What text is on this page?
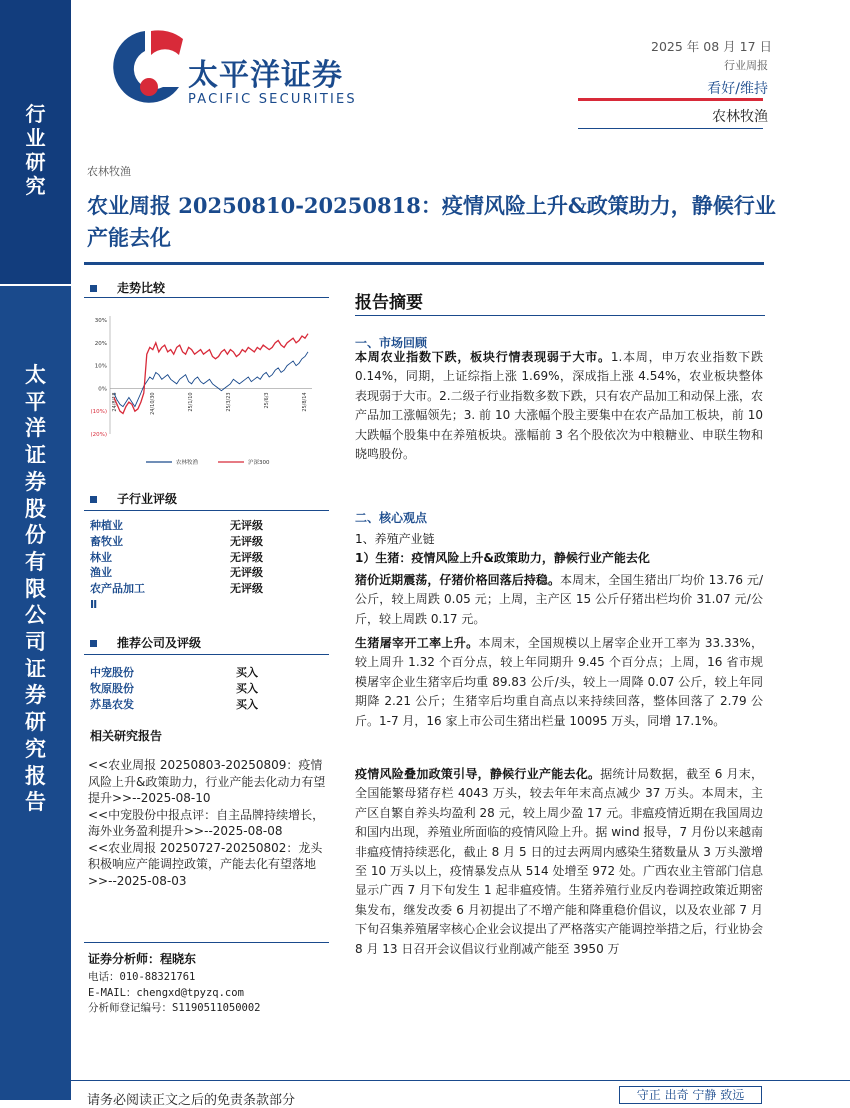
行
业
研
究
太
平
洋
证
券
股
份
有
限
公
司
证
券
研
究
报
告
太平洋证券
PACIFIC SECURITIES
2025 年 08 月 17 日
行业周报
看好/维持
农林牧渔
农林牧渔
农业周报 20250810-20250818：疫情风险上升&政策助力，静候行业产能去化
走势比较
30%
20%
10%
0%
(10%)
(20%)
24/8/18	24/10/30	25/1/10	25/3/23	25/6/3	25/8/14
农林牧渔	沪深300
子行业评级
种植业	无评级
畜牧业	无评级
林业	无评级
渔业	无评级
农产品加工	无评级
Ⅱ
推荐公司及评级
中宠股份	买入
牧原股份	买入
苏垦农发	买入
相关研究报告
<<农业周报 20250803-20250809：疫情风险上升&政策助力，行业产能去化动力有望提升>>--2025-08-10
<<中宠股份中报点评：自主品牌持续增长，海外业务盈利提升>>--2025-08-08
<<农业周报 20250727-20250802：龙头积极响应产能调控政策，产能去化有望落地>>--2025-08-03
证券分析师：程晓东
电话：010-88321761
E-MAIL：chengxd@tpyzq.com
分析师登记编号：S1190511050002
报告摘要
一、市场回顾
本周农业指数下跌，板块行情表现弱于大市。1.本周，申万农业指数下跌 0.14%，同期，上证综指上涨 1.69%，深成指上涨 4.54%，农业板块整体表现弱于大市。2.二级子行业指数多数下跌，只有农产品加工和动保上涨，农产品加工涨幅领先；3. 前 10 大涨幅个股主要集中在农产品加工板块，前 10 大跌幅个股集中在养殖板块。涨幅前 3 名个股依次为中粮糖业、申联生物和晓鸣股份。
二、核心观点
1、养殖产业链
1）生猪：疫情风险上升&政策助力，静候行业产能去化
猪价近期震荡，仔猪价格回落后持稳。本周末，全国生猪出厂均价 13.76 元/公斤，较上周跌 0.05 元；上周，主产区 15 公斤仔猪出栏均价 31.07 元/公斤，较上周跌 0.17 元。
生猪屠宰开工率上升。本周末，全国规模以上屠宰企业开工率为 33.33%，较上周升 1.32 个百分点，较上年同期升 9.45 个百分点；上周，16 省市规模屠宰企业生猪宰后均重 89.83 公斤/头，较上一周降 0.07 公斤，较上年同期降 2.21 公斤；生猪宰后均重自高点以来持续回落，整体回落了 2.79 公斤。1-7 月，16 家上市公司生猪出栏量 10095 万头，同增 17.1%。
疫情风险叠加政策引导，静候行业产能去化。据统计局数据，截至 6 月末，全国能繁母猪存栏 4043 万头，较去年年末高点减少 37 万头。本周末，主产区自繁自养头均盈利 28 元，较上周少盈 17 元。非瘟疫情近期在我国周边和国内出现，养殖业所面临的疫情风险上升。据 wind 报导，7 月份以来越南非瘟疫情持续恶化，截止 8 月 5 日的过去两周内感染生猪数量从 3 万头激增至 10 万头以上，疫情暴发点从 514 处增至 972 处。广西农业主管部门信息显示广西 7 月下旬发生 1 起非瘟疫情。生猪养殖行业反内卷调控政策近期密集发布，继发改委 6 月初提出了不增产能和降重稳价倡议，以及农业部 7 月下旬召集养殖屠宰核心企业会议提出了严格落实产能调控举措之后，行业协会 8 月 13 日召开会议倡议行业削减产能至 3950 万
请务必阅读正文之后的免责条款部分	守正 出奇 宁静 致远
